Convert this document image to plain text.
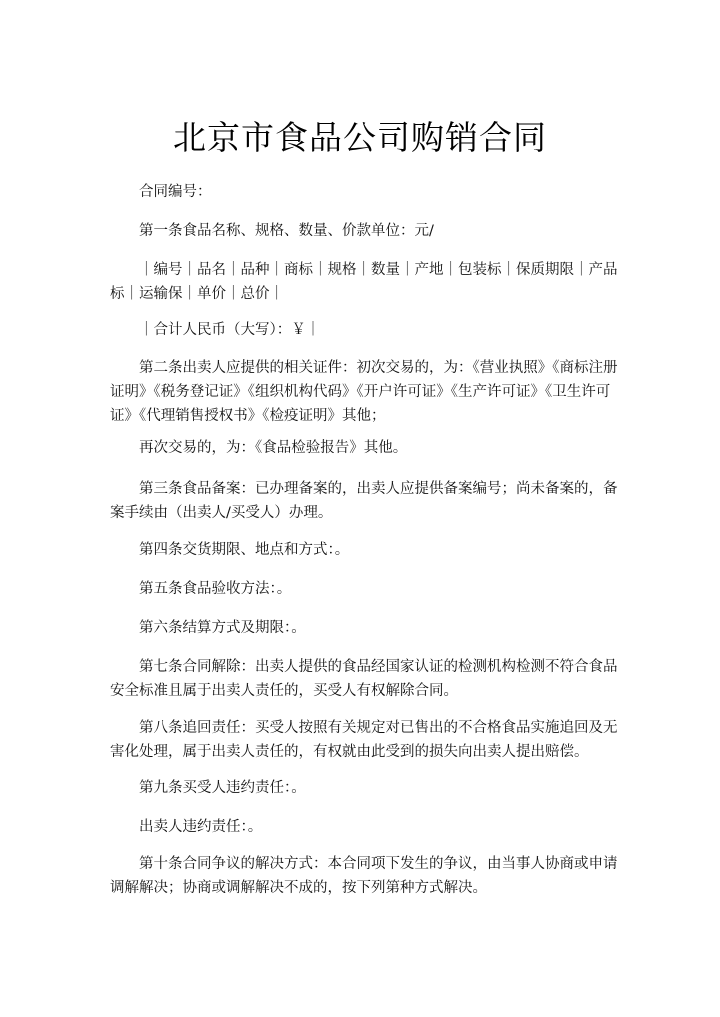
北京市食品公司购销合同

合同编号：

第一条食品名称、规格、数量、价款单位：元/

｜编号｜品名｜品种｜商标｜规格｜数量｜产地｜包装标｜保质期限｜产品标｜运输保｜单价｜总价｜

｜合计人民币（大写）：￥｜

第二条出卖人应提供的相关证件：初次交易的，为：《营业执照》《商标注册证明》《税务登记证》《组织机构代码》《开户许可证》《生产许可证》《卫生许可证》《代理销售授权书》《检疫证明》其他；

再次交易的，为：《食品检验报告》其他。

第三条食品备案：已办理备案的，出卖人应提供备案编号；尚未备案的，备案手续由（出卖人/买受人）办理。

第四条交货期限、地点和方式：。

第五条食品验收方法：。

第六条结算方式及期限：。

第七条合同解除：出卖人提供的食品经国家认证的检测机构检测不符合食品安全标准且属于出卖人责任的，买受人有权解除合同。

第八条追回责任：买受人按照有关规定对已售出的不合格食品实施追回及无害化处理，属于出卖人责任的，有权就由此受到的损失向出卖人提出赔偿。

第九条买受人违约责任：。

出卖人违约责任：。

第十条合同争议的解决方式：本合同项下发生的争议，由当事人协商或申请调解解决；协商或调解解决不成的，按下列第种方式解决。
